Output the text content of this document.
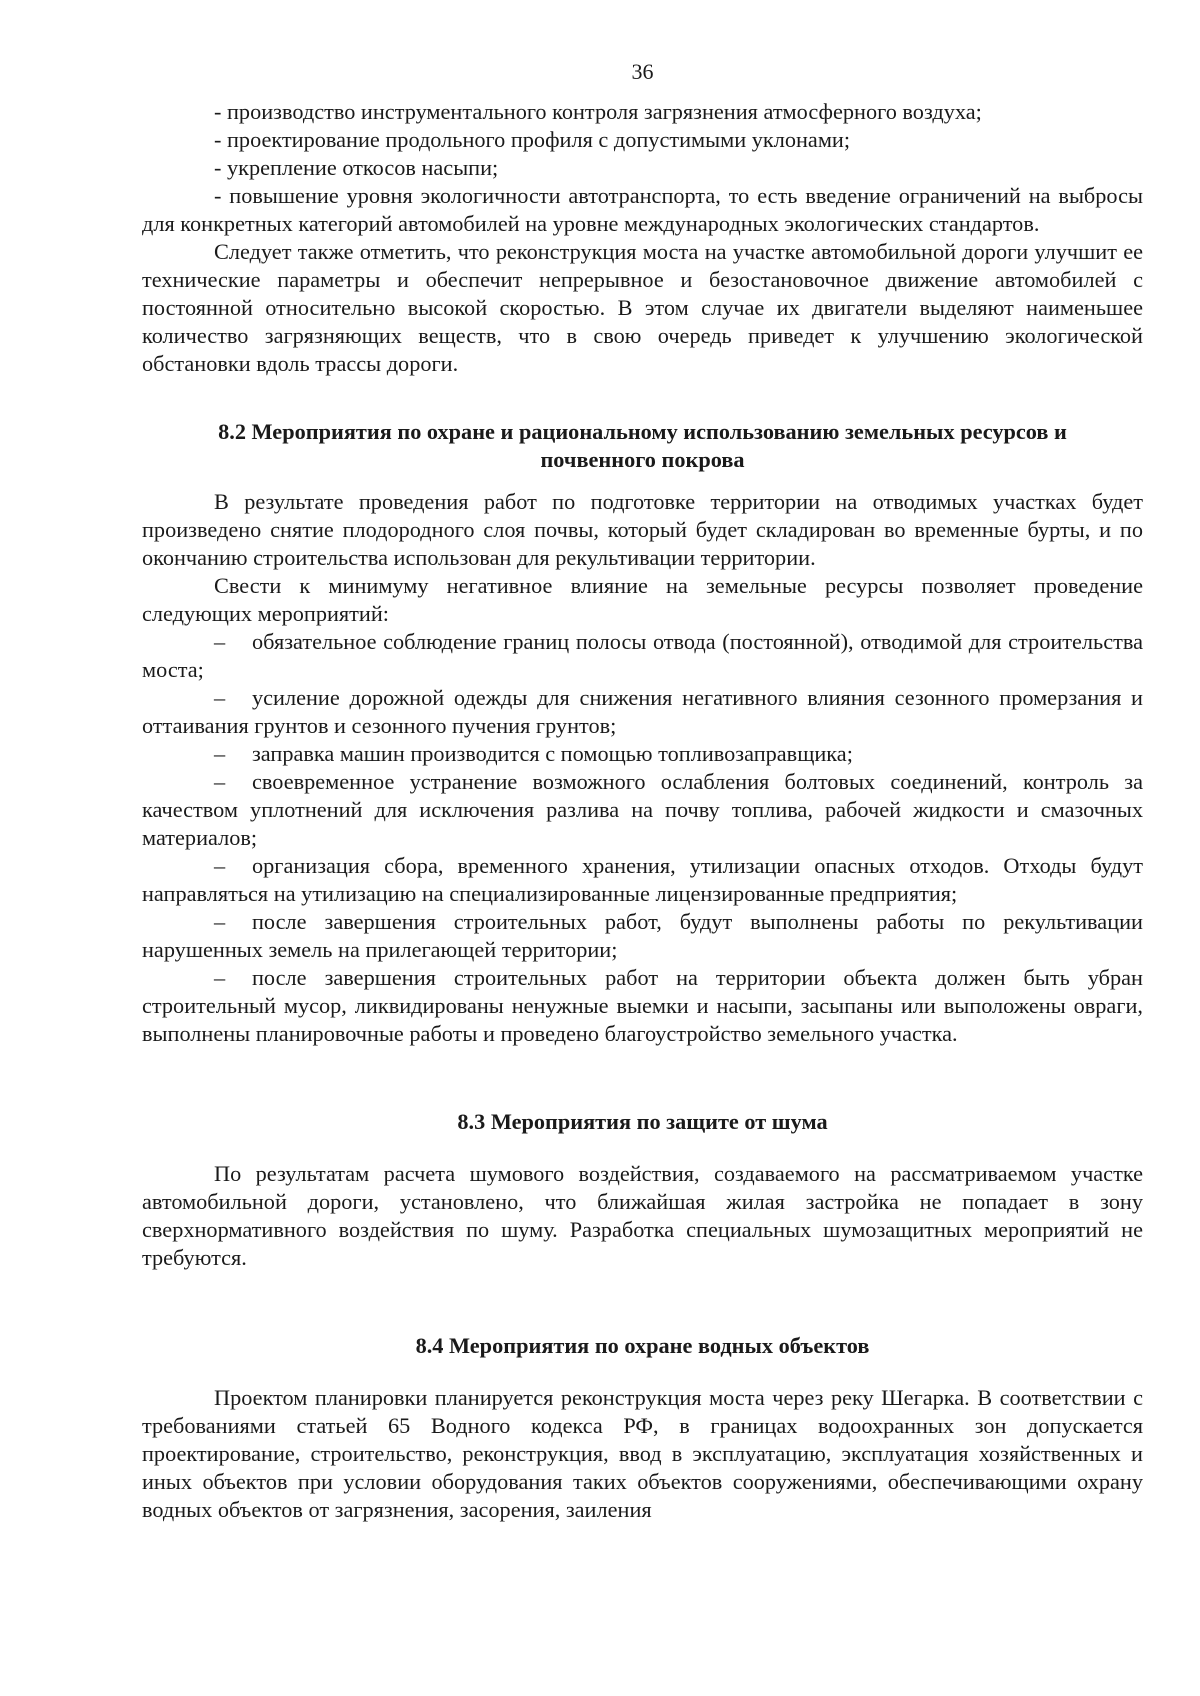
36

- производство инструментального контроля загрязнения атмосферного воздуха;

- проектирование продольного профиля с допустимыми уклонами;

- укрепление откосов насыпи;

- повышение уровня экологичности автотранспорта, то есть введение ограничений на выбросы для конкретных категорий автомобилей на уровне международных экологических стандартов.

Следует также отметить, что реконструкция моста на участке автомобильной дороги улучшит ее технические параметры и обеспечит непрерывное и безостановочное движение автомобилей с постоянной относительно высокой скоростью. В этом случае их двигатели выделяют наименьшее количество загрязняющих веществ, что в свою очередь приведет к улучшению экологической обстановки вдоль трассы дороги.

8.2 Мероприятия по охране и рациональному использованию земельных ресурсов и
почвенного покрова

В результате проведения работ по подготовке территории на отводимых участках будет произведено снятие плодородного слоя почвы, который будет складирован во временные бурты, и по окончанию строительства использован для рекультивации территории.

Свести к минимуму негативное влияние на земельные ресурсы позволяет проведение следующих мероприятий:

– обязательное соблюдение границ полосы отвода (постоянной), отводимой для строительства моста;

– усиление дорожной одежды для снижения негативного влияния сезонного промерзания и оттаивания грунтов и сезонного пучения грунтов;

– заправка машин производится с помощью топливозаправщика;

– своевременное устранение возможного ослабления болтовых соединений, контроль за качеством уплотнений для исключения разлива на почву топлива, рабочей жидкости и смазочных материалов;

– организация сбора, временного хранения, утилизации опасных отходов. Отходы будут направляться на утилизацию на специализированные лицензированные предприятия;

– после завершения строительных работ, будут выполнены работы по рекультивации нарушенных земель на прилегающей территории;

– после завершения строительных работ на территории объекта должен быть убран строительный мусор, ликвидированы ненужные выемки и насыпи, засыпаны или выположены овраги, выполнены планировочные работы и проведено благоустройство земельного участка.

8.3 Мероприятия по защите от шума

По результатам расчета шумового воздействия, создаваемого на рассматриваемом участке автомобильной дороги, установлено, что ближайшая жилая застройка не попадает в зону сверхнормативного воздействия по шуму. Разработка специальных шумозащитных мероприятий не требуются.

8.4 Мероприятия по охране водных объектов

Проектом планировки планируется реконструкция моста через реку Шегарка. В соответствии с требованиями статьей 65 Водного кодекса РФ, в границах водоохранных зон допускается проектирование, строительство, реконструкция, ввод в эксплуатацию, эксплуатация хозяйственных и иных объектов при условии оборудования таких объектов сооружениями, обеспечивающими охрану водных объектов от загрязнения, засорения, заиления
